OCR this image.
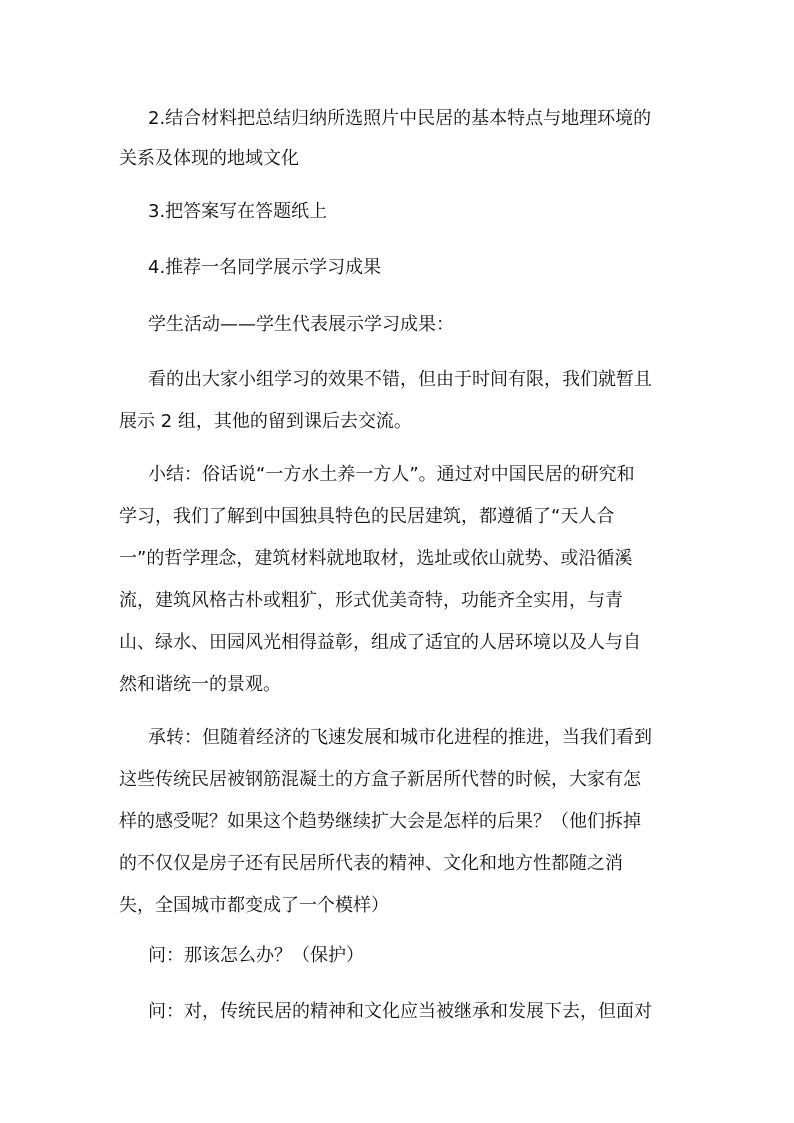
2.结合材料把总结归纳所选照片中民居的基本特点与地理环境的
关系及体现的地域文化
3.把答案写在答题纸上
4.推荐一名同学展示学习成果
学生活动——学生代表展示学习成果：
看的出大家小组学习的效果不错，但由于时间有限，我们就暂且
展示 2 组，其他的留到课后去交流。
小结：俗话说“一方水土养一方人”。通过对中国民居的研究和
学习，我们了解到中国独具特色的民居建筑，都遵循了“天人合
一”的哲学理念，建筑材料就地取材，选址或依山就势、或沿循溪
流，建筑风格古朴或粗犷，形式优美奇特，功能齐全实用，与青
山、绿水、田园风光相得益彰，组成了适宜的人居环境以及人与自
然和谐统一的景观。
承转：但随着经济的飞速发展和城市化进程的推进，当我们看到
这些传统民居被钢筋混凝土的方盒子新居所代替的时候，大家有怎
样的感受呢？如果这个趋势继续扩大会是怎样的后果？（他们拆掉
的不仅仅是房子还有民居所代表的精神、文化和地方性都随之消
失，全国城市都变成了一个模样）
问：那该怎么办？（保护）
问：对，传统民居的精神和文化应当被继承和发展下去，但面对
